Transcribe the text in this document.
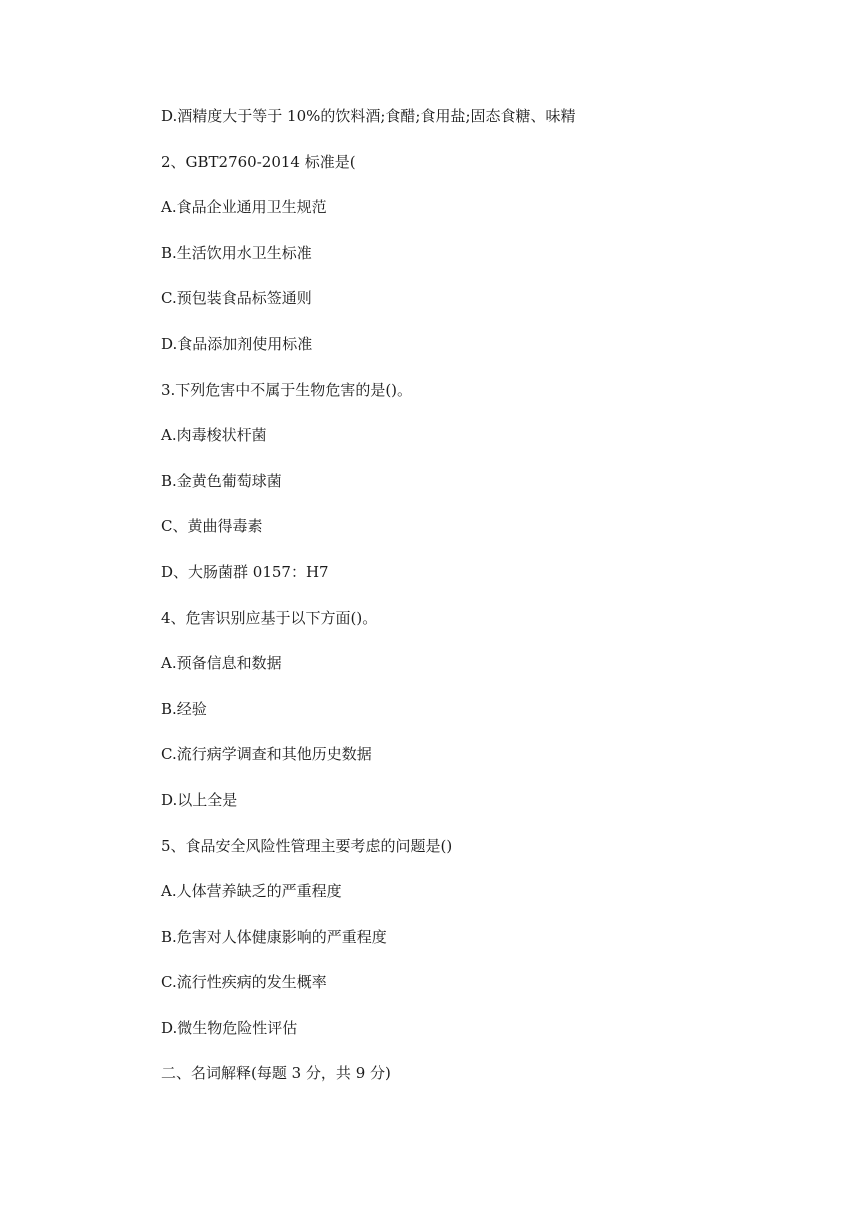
D.酒精度大于等于 10%的饮料酒;食醋;食用盐;固态食糖、味精
2、GBT2760-2014 标准是(
A.食品企业通用卫生规范
B.生活饮用水卫生标准
C.预包装食品标签通则
D.食品添加剂使用标准
3.下列危害中不属于生物危害的是()。
A.肉毒梭状杆菌
B.金黄色葡萄球菌
C、黄曲得毒素
D、大肠菌群 0157：H7
4、危害识别应基于以下方面()。
A.预备信息和数据
B.经验
C.流行病学调查和其他历史数据
D.以上全是
5、食品安全风险性管理主要考虑的问题是()
A.人体营养缺乏的严重程度
B.危害对人体健康影响的严重程度
C.流行性疾病的发生概率
D.微生物危险性评估
二、名词解释(每题 3 分，共 9 分)
